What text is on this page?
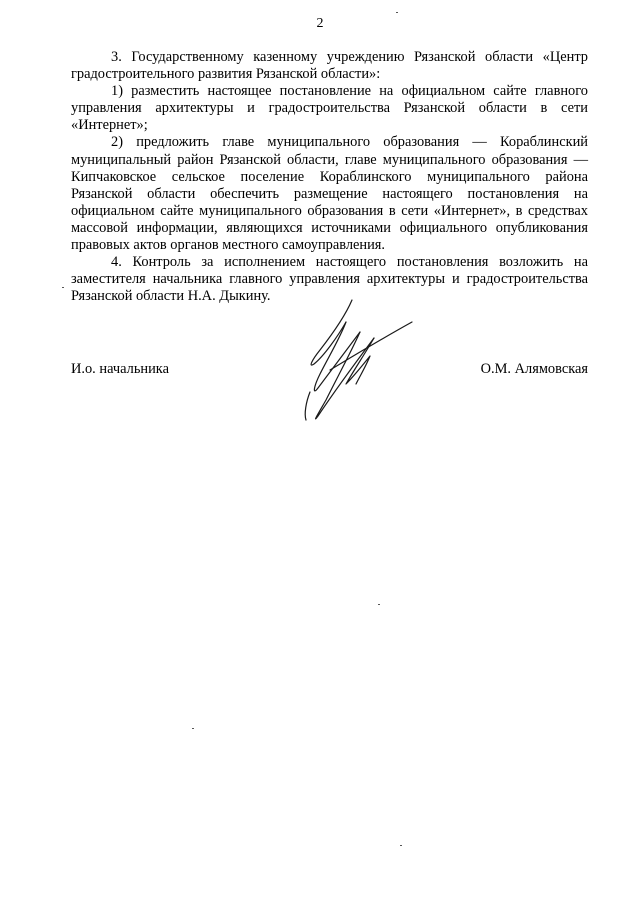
2

3. Государственному казенному учреждению Рязанской области «Центр градостроительного развития Рязанской области»:

1) разместить настоящее постановление на официальном сайте главного управления архитектуры и градостроительства Рязанской области в сети «Интернет»;

2) предложить главе муниципального образования — Кораблинский муниципальный район Рязанской области, главе муниципального образования — Кипчаковское сельское поселение Кораблинского муниципального района Рязанской области обеспечить размещение настоящего постановления на официальном сайте муниципального образования в сети «Интернет», в средствах массовой информации, являющихся источниками официального опубликования правовых актов органов местного самоуправления.

4. Контроль за исполнением настоящего постановления возложить на заместителя начальника главного управления архитектуры и градостроительства Рязанской области Н.А. Дыкину.

И.о. начальника	О.М. Алямовская
